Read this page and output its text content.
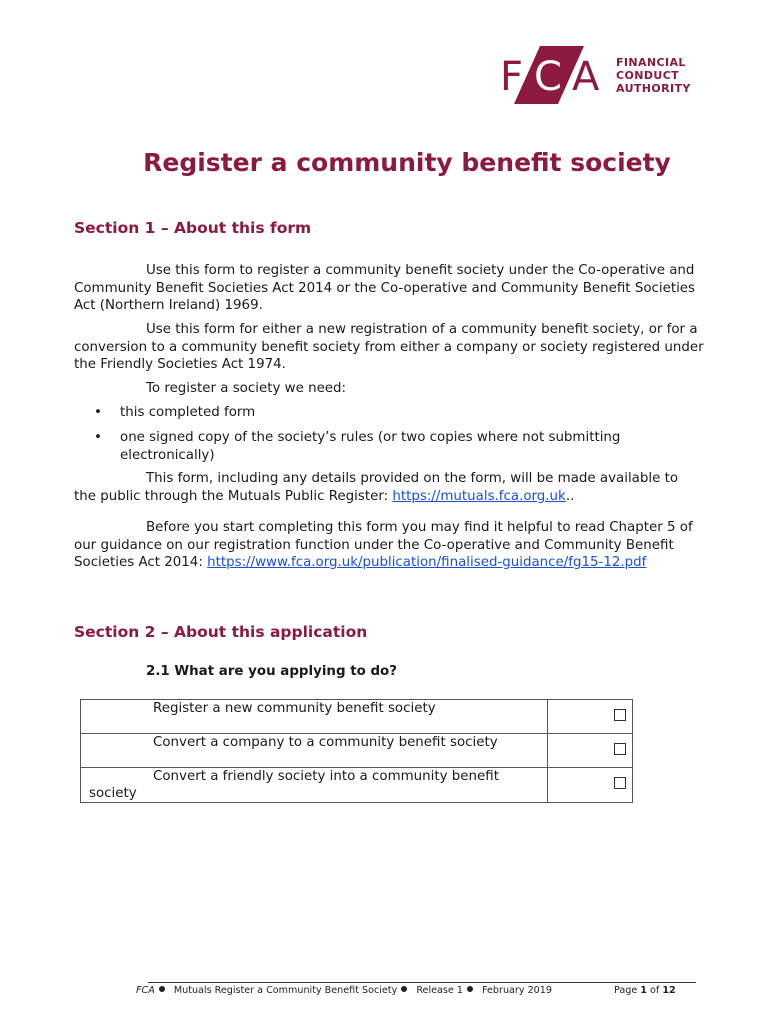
F C A FINANCIAL
CONDUCT
AUTHORITY
Register a community benefit society
Section 1 – About this form

Use this form to register a community benefit society under the Co-operative and Community Benefit Societies Act 2014 or the Co-operative and Community Benefit Societies Act (Northern Ireland) 1969.

Use this form for either a new registration of a community benefit society, or for a conversion to a community benefit society from either a company or society registered under the Friendly Societies Act 1974.

To register a society we need:

• this completed form
• one signed copy of the society’s rules (or two copies where not submitting electronically)

This form, including any details provided on the form, will be made available to the public through the Mutuals Public Register: https://mutuals.fca.org.uk..

Before you start completing this form you may find it helpful to read Chapter 5 of our guidance on our registration function under the Co-operative and Community Benefit Societies Act 2014: https://www.fca.org.uk/publication/finalised-guidance/fg15-12.pdf

Section 2 – About this application

2.1 What are you applying to do?

Register a new community benefit society	
Convert a company to a community benefit society	
Convert a friendly society into a community benefit society	
FCA Mutuals Register a Community Benefit Society Release 1 February 2019	Page 1 of 12
